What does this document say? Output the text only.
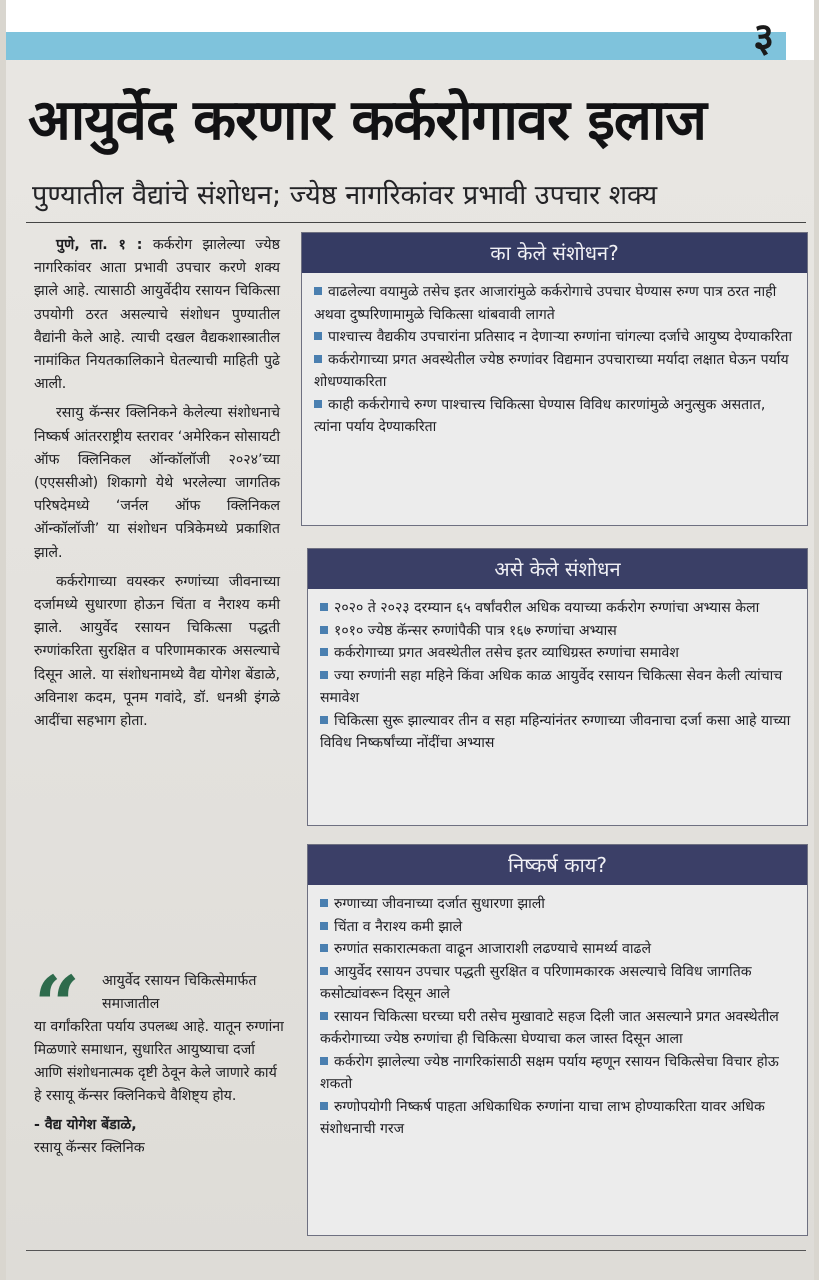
३
आयुर्वेद करणार कर्करोगावर इलाज
पुण्यातील वैद्यांचे संशोधन; ज्येष्ठ नागरिकांवर प्रभावी उपचार शक्य

पुणे, ता. १ : कर्करोग झालेल्या ज्येष्ठ नागरिकांवर आता प्रभावी उपचार करणे शक्य झाले आहे. त्यासाठी आयुर्वेदीय रसायन चिकित्सा उपयोगी ठरत असल्याचे संशोधन पुण्यातील वैद्यांनी केले आहे. त्याची दखल वैद्यकशास्त्रातील नामांकित नियतकालिकाने घेतल्याची माहिती पुढे आली.

रसायु कॅन्सर क्लिनिकने केलेल्या संशोधनाचे निष्कर्ष आंतरराष्ट्रीय स्तरावर ‘अमेरिकन सोसायटी ऑफ क्लिनिकल ऑन्कॉलॉजी २०२४’च्या (एएससीओ) शिकागो येथे भरलेल्या जागतिक परिषदेमध्ये ‘जर्नल ऑफ क्लिनिकल ऑन्कॉलॉजी’ या संशोधन पत्रिकेमध्ये प्रकाशित झाले.

कर्करोगाच्या वयस्कर रुग्णांच्या जीवनाच्या दर्जामध्ये सुधारणा होऊन चिंता व नैराश्य कमी झाले. आयुर्वेद रसायन चिकित्सा पद्धती रुग्णांकरिता सुरक्षित व परिणामकारक असल्याचे दिसून आले. या संशोधनामध्ये वैद्य योगेश बेंडाळे, अविनाश कदम, पूनम गवांदे, डॉ. धनश्री इंगळे आदींचा सहभाग होता.

“	आयुर्वेद रसायन चिकित्सेमार्फत समाजातील
या वर्गांकरिता पर्याय उपलब्ध आहे. यातून रुग्णांना मिळणारे समाधान, सुधारित आयुष्याचा दर्जा आणि संशोधनात्मक दृष्टी ठेवून केले जाणारे कार्य हे रसायू कॅन्सर क्लिनिकचे वैशिष्ट्य होय.
- वैद्य योगेश बेंडाळे,
रसायू कॅन्सर क्लिनिक
का केले संशोधन?
वाढलेल्या वयामुळे तसेच इतर आजारांमुळे कर्करोगाचे उपचार घेण्यास रुग्ण पात्र ठरत नाही अथवा दुष्परिणामामुळे चिकित्सा थांबवावी लागते
पाश्चात्त्य वैद्यकीय उपचारांना प्रतिसाद न देणाऱ्या रुग्णांना चांगल्या दर्जाचे आयुष्य देण्याकरिता
कर्करोगाच्या प्रगत अवस्थेतील ज्येष्ठ रुग्णांवर विद्यमान उपचाराच्या मर्यादा लक्षात घेऊन पर्याय शोधण्याकरिता
काही कर्करोगाचे रुग्ण पाश्चात्त्य चिकित्सा घेण्यास विविध कारणांमुळे अनुत्सुक असतात, त्यांना पर्याय देण्याकरिता
असे केले संशोधन
२०२० ते २०२३ दरम्यान ६५ वर्षांवरील अधिक वयाच्या कर्करोग रुग्णांचा अभ्यास केला
१०१० ज्येष्ठ कॅन्सर रुग्णांपैकी पात्र १६७ रुग्णांचा अभ्यास
कर्करोगाच्या प्रगत अवस्थेतील तसेच इतर व्याधिग्रस्त रुग्णांचा समावेश
ज्या रुग्णांनी सहा महिने किंवा अधिक काळ आयुर्वेद रसायन चिकित्सा सेवन केली त्यांचाच समावेश
चिकित्सा सुरू झाल्यावर तीन व सहा महिन्यांनंतर रुग्णाच्या जीवनाचा दर्जा कसा आहे याच्या विविध निष्कर्षांच्या नोंदींचा अभ्यास
निष्कर्ष काय?
रुग्णाच्या जीवनाच्या दर्जात सुधारणा झाली
चिंता व नैराश्य कमी झाले
रुग्णांत सकारात्मकता वाढून आजाराशी लढण्याचे सामर्थ्य वाढले
आयुर्वेद रसायन उपचार पद्धती सुरक्षित व परिणामकारक असल्याचे विविध जागतिक कसोट्यांवरून दिसून आले
रसायन चिकित्सा घरच्या घरी तसेच मुखावाटे सहज दिली जात असल्याने प्रगत अवस्थेतील कर्करोगाच्या ज्येष्ठ रुग्णांचा ही चिकित्सा घेण्याचा कल जास्त दिसून आला
कर्करोग झालेल्या ज्येष्ठ नागरिकांसाठी सक्षम पर्याय म्हणून रसायन चिकित्सेचा विचार होऊ शकतो
रुग्णोपयोगी निष्कर्ष पाहता अधिकाधिक रुग्णांना याचा लाभ होण्याकरिता यावर अधिक संशोधनाची गरज
